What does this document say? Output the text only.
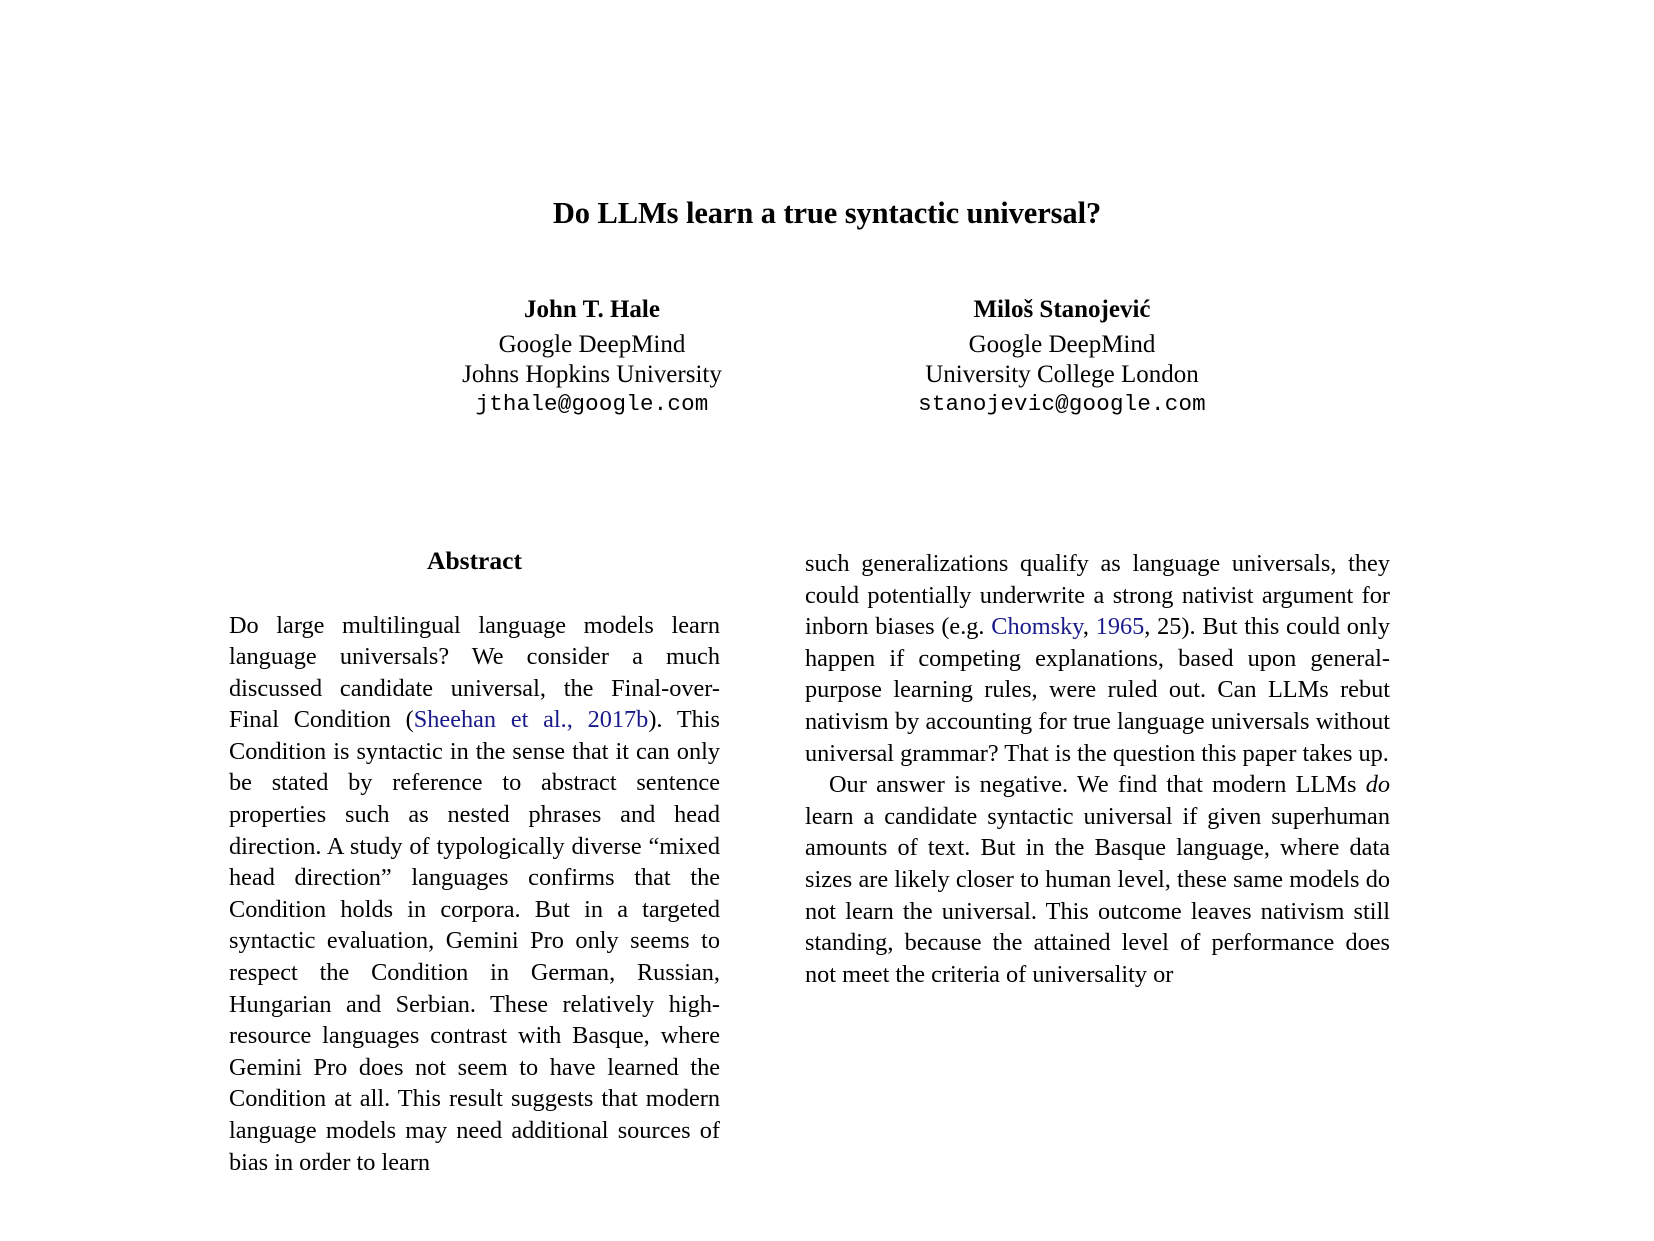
Do LLMs learn a true syntactic universal?
John T. Hale
Google DeepMind
Johns Hopkins University
jthale@google.com
Miloš Stanojević
Google DeepMind
University College London
stanojevic@google.com
Abstract

Do large multilingual language models learn language universals? We consider a much discussed candidate universal, the Final-over-Final Condition (Sheehan et al., 2017b). This Condition is syntactic in the sense that it can only be stated by reference to abstract sentence properties such as nested phrases and head direction. A study of typologically diverse “mixed head direction” languages confirms that the Condition holds in corpora. But in a targeted syntactic evaluation, Gemini Pro only seems to respect the Condition in German, Russian, Hungarian and Serbian. These relatively high-resource languages contrast with Basque, where Gemini Pro does not seem to have learned the Condition at all. This result suggests that modern language models may need additional sources of bias in order to learn

such generalizations qualify as language universals, they could potentially underwrite a strong nativist argument for inborn biases (e.g. Chomsky, 1965, 25). But this could only happen if competing explanations, based upon general-purpose learning rules, were ruled out. Can LLMs rebut nativism by accounting for true language universals without universal grammar? That is the question this paper takes up.

Our answer is negative. We find that modern LLMs do learn a candidate syntactic universal if given superhuman amounts of text. But in the Basque language, where data sizes are likely closer to human level, these same models do not learn the universal. This outcome leaves nativism still standing, because the attained level of performance does not meet the criteria of universality or
